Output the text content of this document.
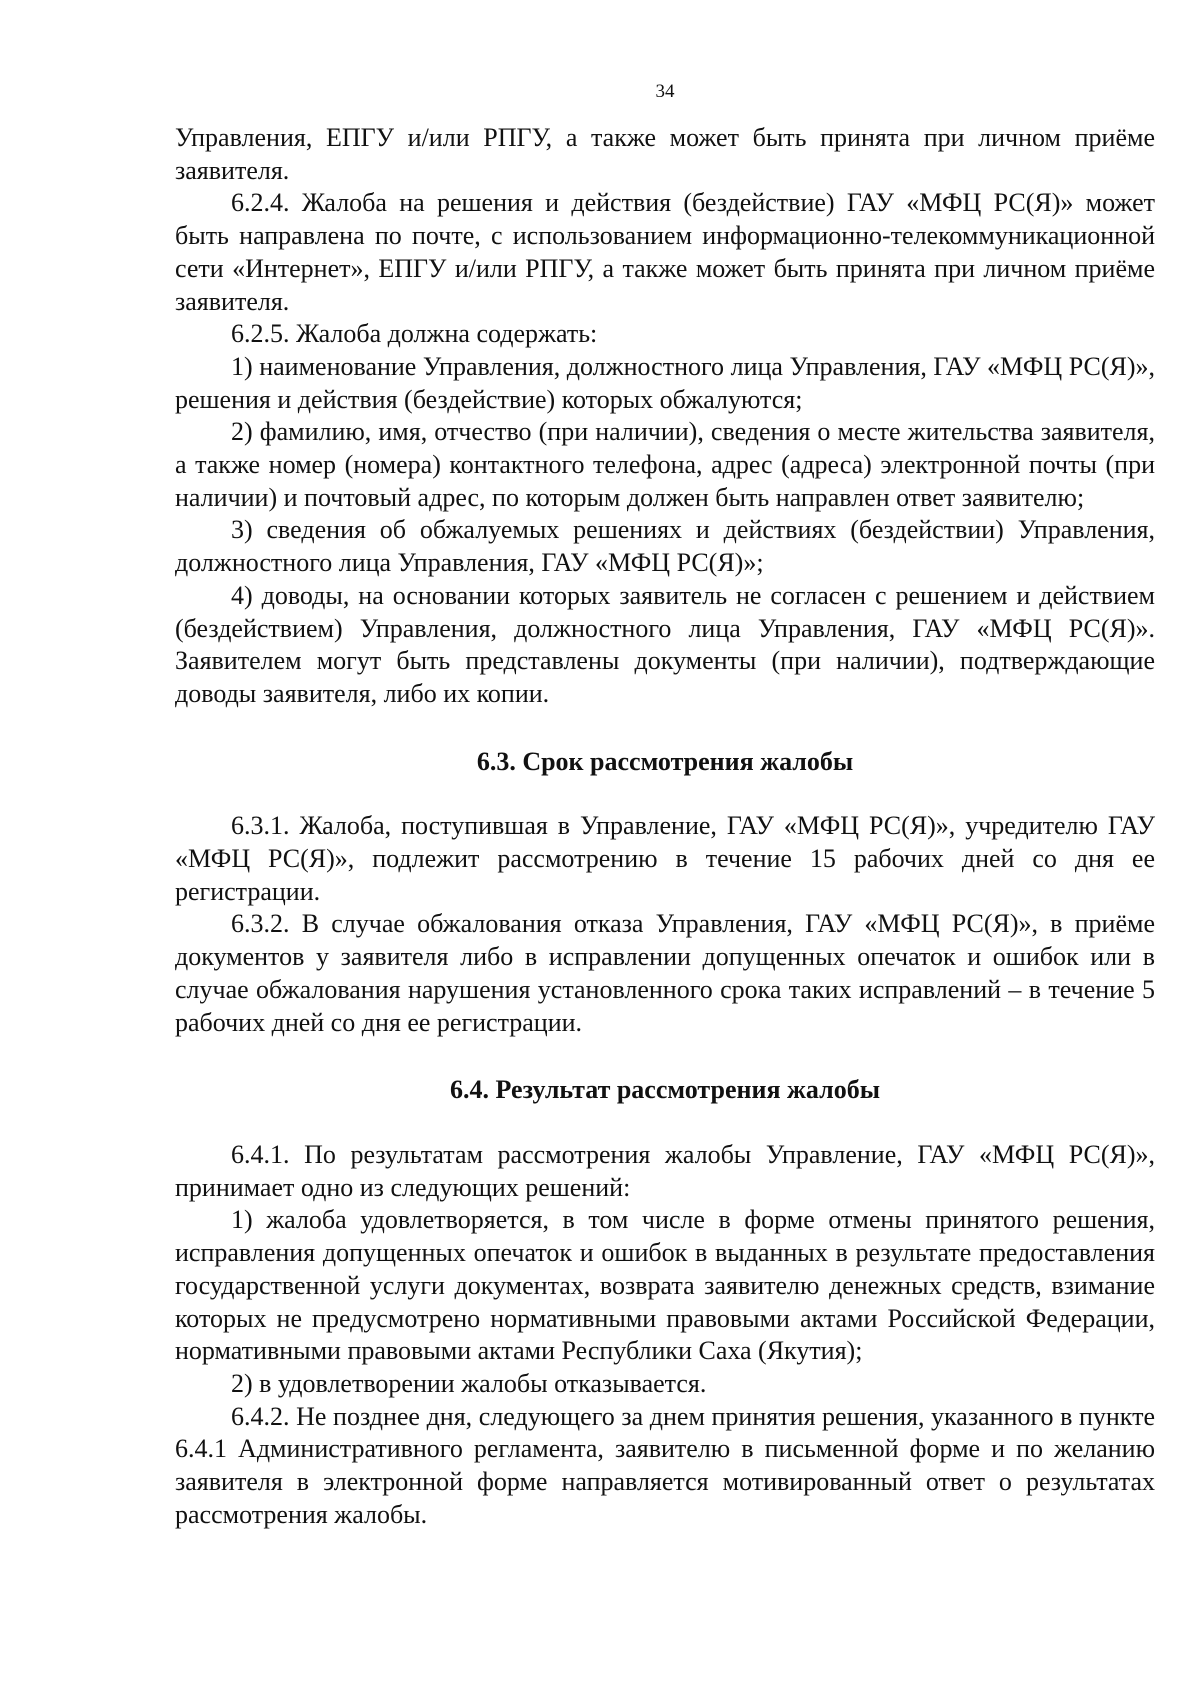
34

Управления, ЕПГУ и/или РПГУ, а также может быть принята при личном приёме заявителя.

6.2.4. Жалоба на решения и действия (бездействие) ГАУ «МФЦ РС(Я)» может быть направлена по почте, с использованием информационно-телекоммуникационной сети «Интернет», ЕПГУ и/или РПГУ, а также может быть принята при личном приёме заявителя.

6.2.5. Жалоба должна содержать:

1) наименование Управления, должностного лица Управления, ГАУ «МФЦ РС(Я)», решения и действия (бездействие) которых обжалуются;

2) фамилию, имя, отчество (при наличии), сведения о месте жительства заявителя, а также номер (номера) контактного телефона, адрес (адреса) электронной почты (при наличии) и почтовый адрес, по которым должен быть направлен ответ заявителю;

3) сведения об обжалуемых решениях и действиях (бездействии) Управления, должностного лица Управления, ГАУ «МФЦ РС(Я)»;

4) доводы, на основании которых заявитель не согласен с решением и действием (бездействием) Управления, должностного лица Управления, ГАУ «МФЦ РС(Я)». Заявителем могут быть представлены документы (при наличии), подтверждающие доводы заявителя, либо их копии.

6.3. Срок рассмотрения жалобы

6.3.1. Жалоба, поступившая в Управление, ГАУ «МФЦ РС(Я)», учредителю ГАУ «МФЦ РС(Я)», подлежит рассмотрению в течение 15 рабочих дней со дня ее регистрации.

6.3.2. В случае обжалования отказа Управления, ГАУ «МФЦ РС(Я)», в приёме документов у заявителя либо в исправлении допущенных опечаток и ошибок или в случае обжалования нарушения установленного срока таких исправлений – в течение 5 рабочих дней со дня ее регистрации.

6.4. Результат рассмотрения жалобы

6.4.1. По результатам рассмотрения жалобы Управление, ГАУ «МФЦ РС(Я)», принимает одно из следующих решений:

1) жалоба удовлетворяется, в том числе в форме отмены принятого решения, исправления допущенных опечаток и ошибок в выданных в результате предоставления государственной услуги документах, возврата заявителю денежных средств, взимание которых не предусмотрено нормативными правовыми актами Российской Федерации, нормативными правовыми актами Республики Саха (Якутия);

2) в удовлетворении жалобы отказывается.

6.4.2. Не позднее дня, следующего за днем принятия решения, указанного в пункте 6.4.1 Административного регламента, заявителю в письменной форме и по желанию заявителя в электронной форме направляется мотивированный ответ о результатах рассмотрения жалобы.
